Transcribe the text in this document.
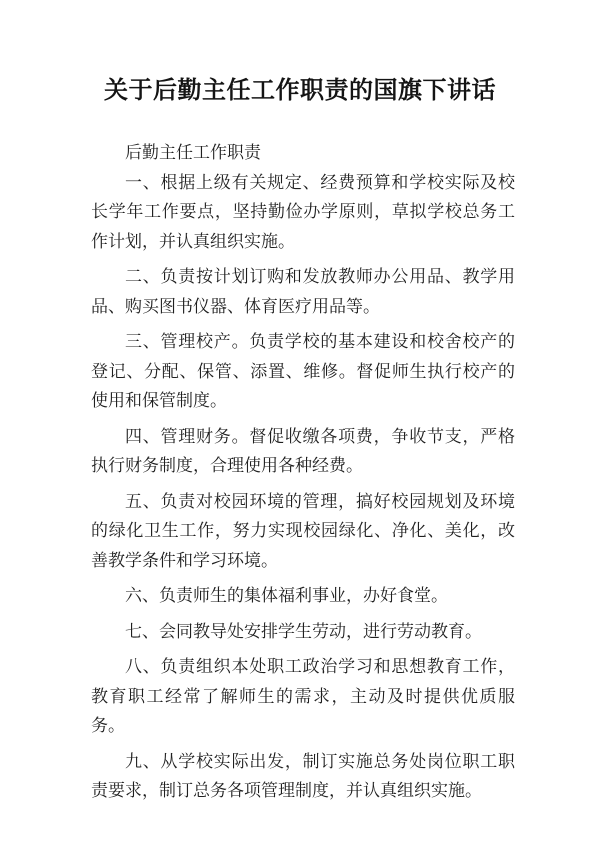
关于后勤主任工作职责的国旗下讲话

后勤主任工作职责

一、根据上级有关规定、经费预算和学校实际及校长学年工作要点，坚持勤俭办学原则，草拟学校总务工作计划，并认真组织实施。

二、负责按计划订购和发放教师办公用品、教学用品、购买图书仪器、体育医疗用品等。

三、管理校产。负责学校的基本建设和校舍校产的登记、分配、保管、添置、维修。督促师生执行校产的使用和保管制度。

四、管理财务。督促收缴各项费，争收节支，严格执行财务制度，合理使用各种经费。

五、负责对校园环境的管理，搞好校园规划及环境的绿化卫生工作，努力实现校园绿化、净化、美化，改善教学条件和学习环境。

六、负责师生的集体福利事业，办好食堂。

七、会同教导处安排学生劳动，进行劳动教育。

八、负责组织本处职工政治学习和思想教育工作，教育职工经常了解师生的需求，主动及时提供优质服务。

九、从学校实际出发，制订实施总务处岗位职工职责要求，制订总务各项管理制度，并认真组织实施。
